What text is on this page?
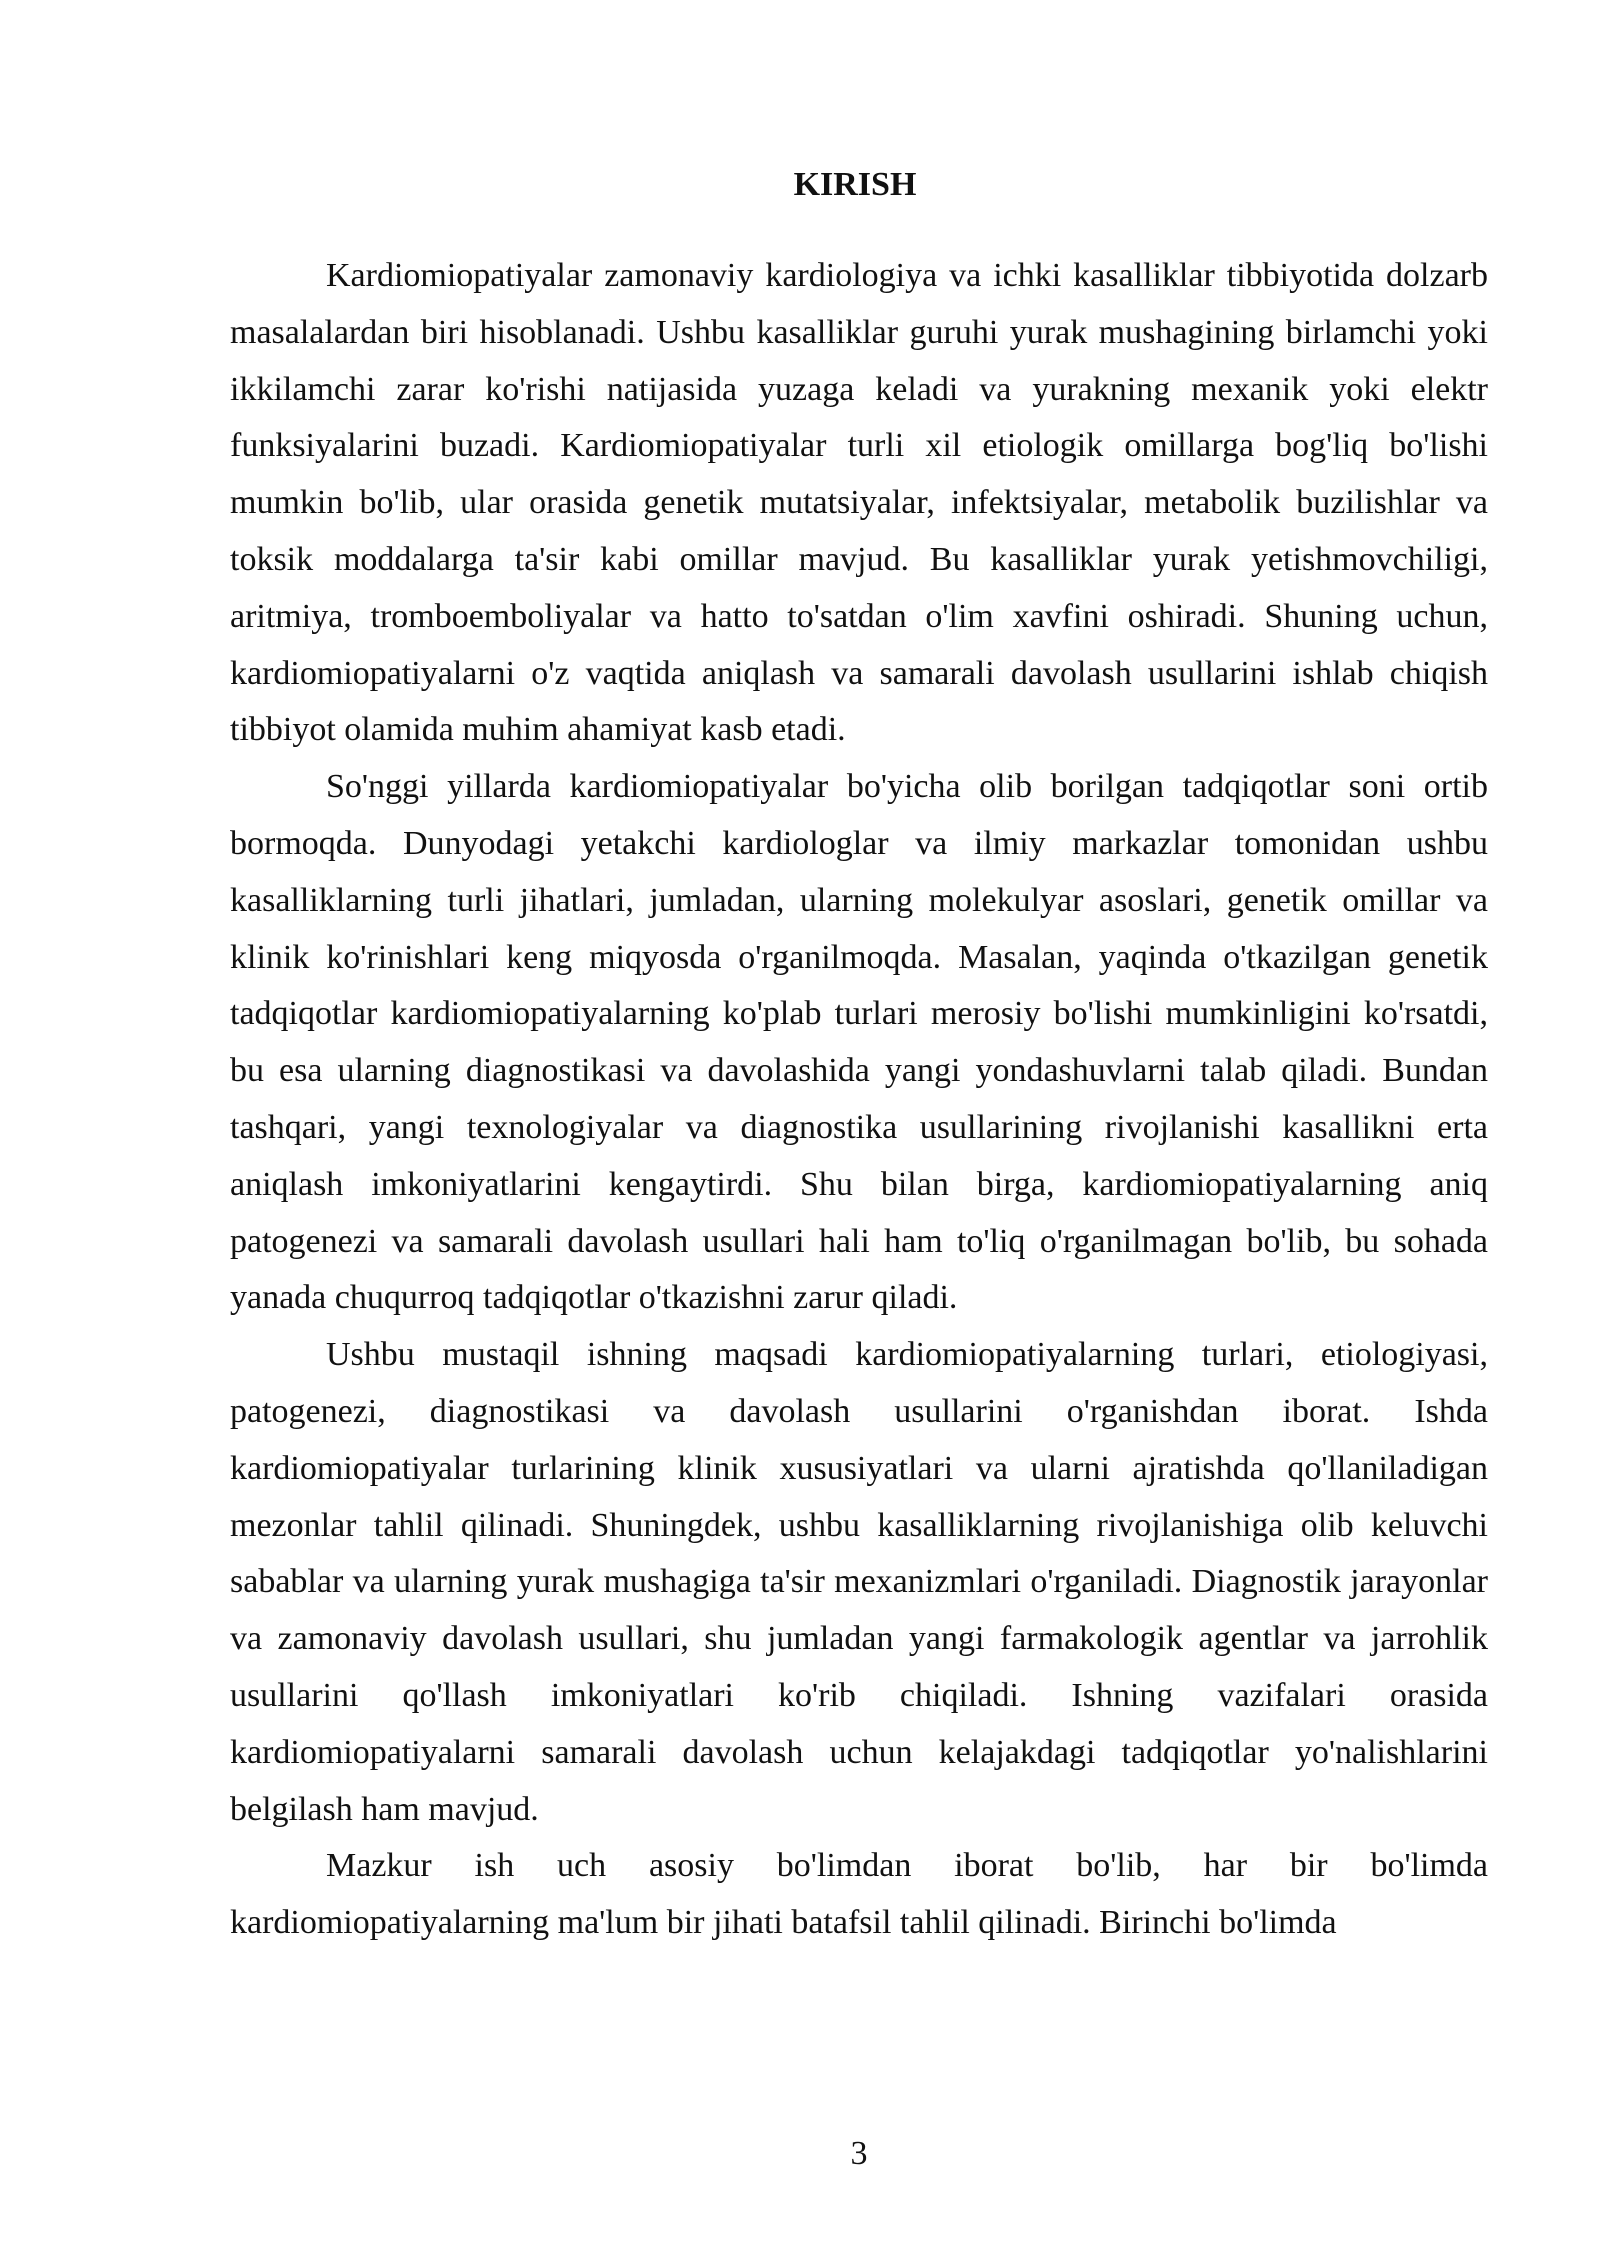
KIRISH

Kardiomiopatiyalar zamonaviy kardiologiya va ichki kasalliklar tibbiyotida dolzarb masalalardan biri hisoblanadi. Ushbu kasalliklar guruhi yurak mushagining birlamchi yoki ikkilamchi zarar ko'rishi natijasida yuzaga keladi va yurakning mexanik yoki elektr funksiyalarini buzadi. Kardiomiopatiyalar turli xil etiologik omillarga bog'liq bo'lishi mumkin bo'lib, ular orasida genetik mutatsiyalar, infektsiyalar, metabolik buzilishlar va toksik moddalarga ta'sir kabi omillar mavjud. Bu kasalliklar yurak yetishmovchiligi, aritmiya, tromboemboliyalar va hatto to'satdan o'lim xavfini oshiradi. Shuning uchun, kardiomiopatiyalarni o'z vaqtida aniqlash va samarali davolash usullarini ishlab chiqish tibbiyot olamida muhim ahamiyat kasb etadi.

So'nggi yillarda kardiomiopatiyalar bo'yicha olib borilgan tadqiqotlar soni ortib bormoqda. Dunyodagi yetakchi kardiologlar va ilmiy markazlar tomonidan ushbu kasalliklarning turli jihatlari, jumladan, ularning molekulyar asoslari, genetik omillar va klinik ko'rinishlari keng miqyosda o'rganilmoqda. Masalan, yaqinda o'tkazilgan genetik tadqiqotlar kardiomiopatiyalarning ko'plab turlari merosiy bo'lishi mumkinligini ko'rsatdi, bu esa ularning diagnostikasi va davolashida yangi yondashuvlarni talab qiladi. Bundan tashqari, yangi texnologiyalar va diagnostika usullarining rivojlanishi kasallikni erta aniqlash imkoniyatlarini kengaytirdi. Shu bilan birga, kardiomiopatiyalarning aniq patogenezi va samarali davolash usullari hali ham to'liq o'rganilmagan bo'lib, bu sohada yanada chuqurroq tadqiqotlar o'tkazishni zarur qiladi.

Ushbu mustaqil ishning maqsadi kardiomiopatiyalarning turlari, etiologiyasi, patogenezi, diagnostikasi va davolash usullarini o'rganishdan iborat. Ishda kardiomiopatiyalar turlarining klinik xususiyatlari va ularni ajratishda qo'llaniladigan mezonlar tahlil qilinadi. Shuningdek, ushbu kasalliklarning rivojlanishiga olib keluvchi sabablar va ularning yurak mushagiga ta'sir mexanizmlari o'rganiladi. Diagnostik jarayonlar va zamonaviy davolash usullari, shu jumladan yangi farmakologik agentlar va jarrohlik usullarini qo'llash imkoniyatlari ko'rib chiqiladi. Ishning vazifalari orasida kardiomiopatiyalarni samarali davolash uchun kelajakdagi tadqiqotlar yo'nalishlarini belgilash ham mavjud.

Mazkur ish uch asosiy bo'limdan iborat bo'lib, har bir bo'limda kardiomiopatiyalarning ma'lum bir jihati batafsil tahlil qilinadi. Birinchi bo'limda

3
